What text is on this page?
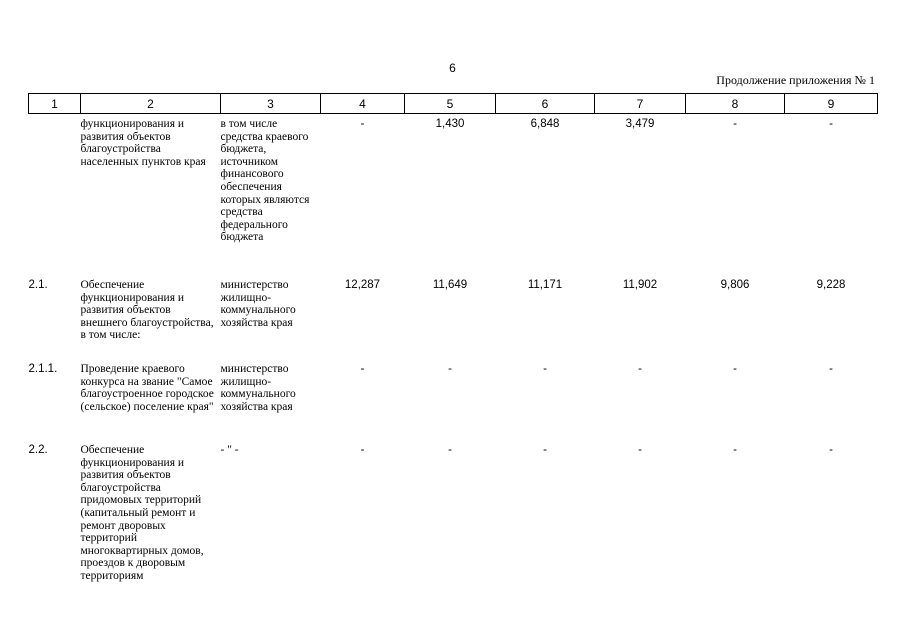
6
Продолжение приложения № 1
1	2	3	4	5	6	7	8	9
	функционирования и развития объектов благоустройства населенных пунктов края	в том числе средства краевого бюджета, источником финансового обеспечения которых являются средства федерального бюджета	-	1,430	6,848	3,479	-	-
2.1.	Обеспечение функционирования и развития объектов внешнего благоустройства, в том числе:	министерство жилищно-коммунального хозяйства края	12,287	11,649	11,171	11,902	9,806	9,228
2.1.1.	Проведение краевого конкурса на звание "Самое благоустроенное городское (сельское) поселение края"	министерство жилищно-коммунального хозяйства края	-	-	-	-	-	-
2.2.	Обеспечение функционирования и развития объектов благоустройства придомовых территорий (капитальный ремонт и ремонт дворовых территорий многоквартирных домов, проездов к дворовым территориям	- " -	-	-	-	-	-	-
